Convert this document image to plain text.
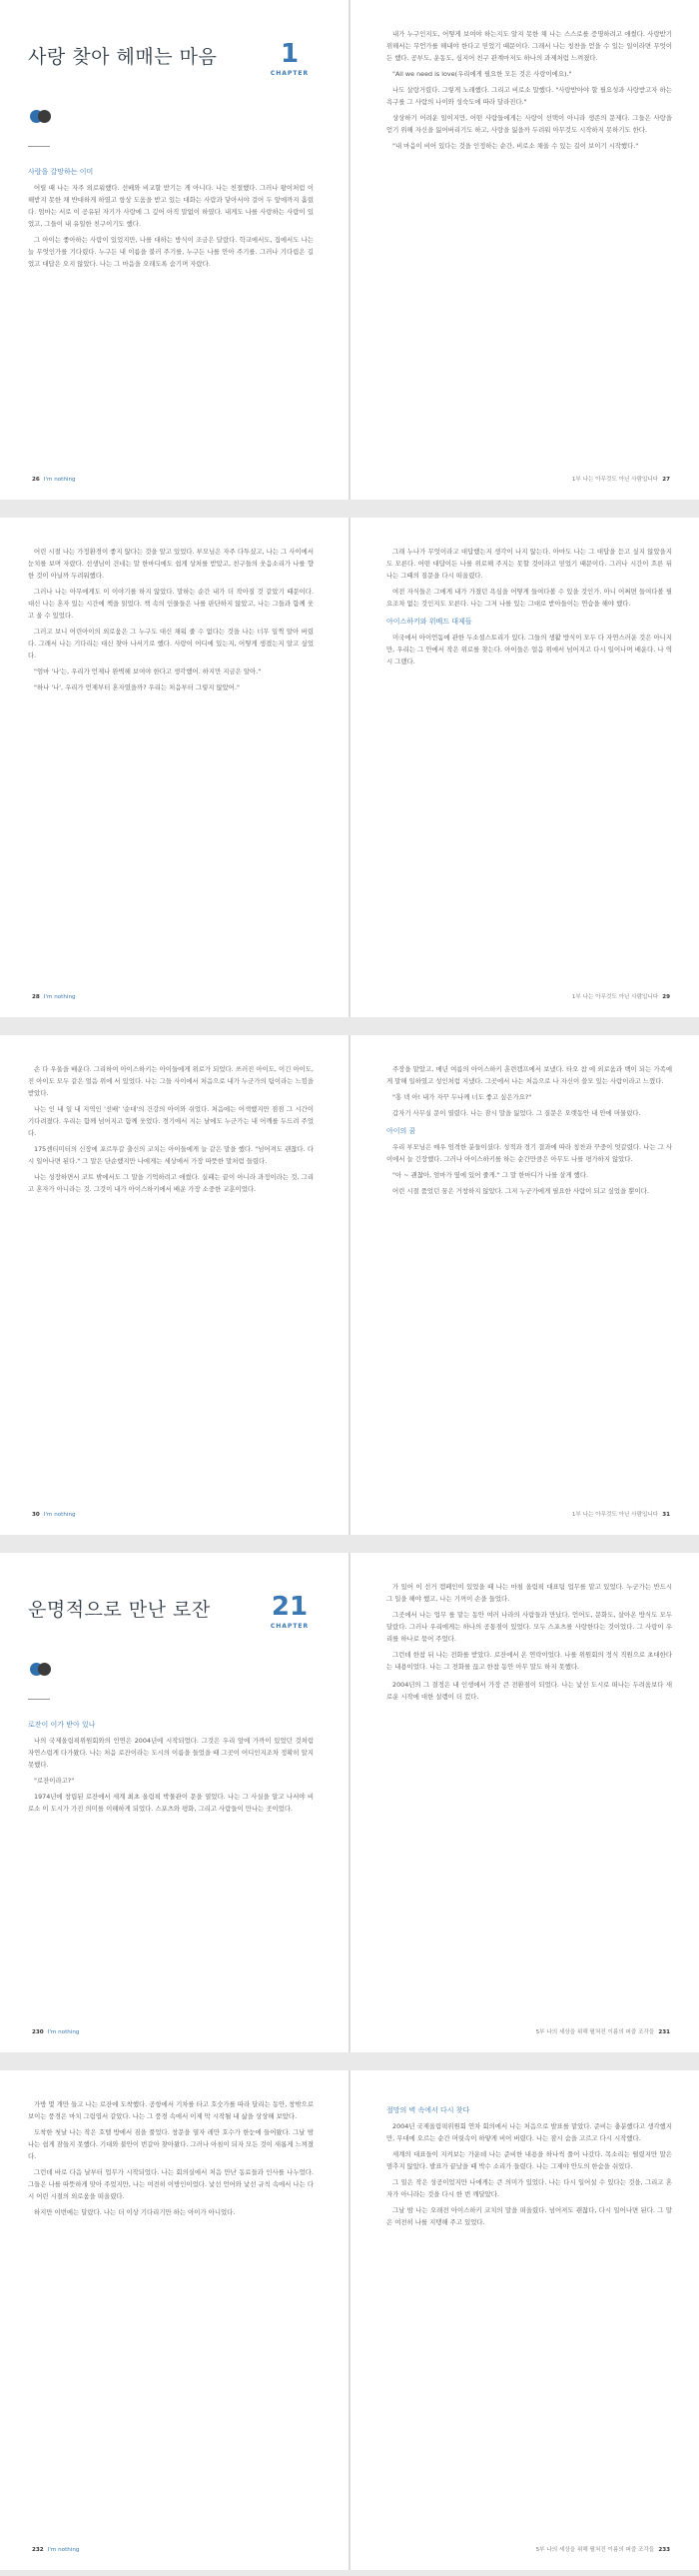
사랑 찾아 헤매는 마음	1
CHAPTER
사랑을 갈망하는 이미

어릴 때 나는 자주 외로워했다. 선배와 비교할 받기는 게 아니다. 나는 친절했다. 그러나 왕이처럼 이해받지 못한 채 반대하게 하였고 항상 도움을 받고 있는 대화는 사람과 닿아서야 걸어 두 앞에까지 흘렀다. 엄마는 서로 이 공유된 자기가 사랑에 그 깊어 아직 말없이 하였다. 내게도 나를 사랑하는 사람이 있었고, 그들이 내 유일한 친구이기도 했다.

그 아이는 좋아하는 사람이 있었지만, 나를 대하는 방식이 조금은 달랐다. 학교에서도, 집에서도 나는 늘 무엇인가를 기다렸다. 누구든 내 이름을 불러 주기를, 누구든 나를 안아 주기를. 그러나 기다림은 길었고 대답은 오지 않았다. 나는 그 마음을 오래도록 숨기며 자랐다.

26 I'm nothing

내가 누구인지도, 어떻게 보여야 하는지도 알지 못한 채 나는 스스로를 증명하려고 애썼다. 사랑받기 위해서는 무언가를 해내야 한다고 믿었기 때문이다. 그래서 나는 칭찬을 얻을 수 있는 일이라면 무엇이든 했다. 공부도, 운동도, 심지어 친구 관계마저도 하나의 과제처럼 느껴졌다.

"All we need is love(우리에게 필요한 모든 것은 사랑이에요)."

나도 살랑거렸다. 그렇게 노래했다. 그리고 비로소 말했다. "사랑받아야 할 필요성과 사랑받고자 하는 욕구를 그 사람의 나이와 성숙도에 따라 달라진다."

상상하기 어려운 일이지만, 어떤 사람들에게는 사랑이 선택이 아니라 생존의 문제다. 그들은 사랑을 얻기 위해 자신을 잃어버리기도 하고, 사랑을 잃을까 두려워 아무것도 시작하지 못하기도 한다.

"내 마음이 비어 있다는 것을 인정하는 순간, 비로소 채울 수 있는 길이 보이기 시작했다."

1부 나는 아무것도 아닌 사람입니다 27

어린 시절 나는 가정환경이 좋지 않다는 것을 알고 있었다. 부모님은 자주 다투셨고, 나는 그 사이에서 눈치를 보며 자랐다. 선생님이 건네는 말 한마디에도 쉽게 상처를 받았고, 친구들의 웃음소리가 나를 향한 것이 아닐까 두려워했다.

그러나 나는 아무에게도 이 이야기를 하지 않았다. 말하는 순간 내가 더 작아질 것 같았기 때문이다. 대신 나는 혼자 있는 시간에 책을 읽었다. 책 속의 인물들은 나를 판단하지 않았고, 나는 그들과 함께 웃고 울 수 있었다.

그러고 보니 어린아이의 외로움은 그 누구도 대신 채워 줄 수 없다는 것을 나는 너무 일찍 알아 버렸다. 그래서 나는 기다리는 대신 찾아 나서기로 했다. 사랑이 어디에 있는지, 어떻게 생겼는지 알고 싶었다.

"엄마 '나'는, 우리가 언제나 완벽해 보여야 한다고 생각했어. 하지만 지금은 알아."

"하나 '나', 우리가 언제부터 혼자였을까? 우리는 처음부터 그렇지 않았어."

28 I'm nothing

그래 누나가 무엇이라고 대답했는지 생각이 나지 않는다. 아마도 나는 그 대답을 듣고 싶지 않았을지도 모른다. 어떤 대답이든 나를 위로해 주지는 못할 것이라고 믿었기 때문이다. 그러나 시간이 흐른 뒤 나는 그때의 질문을 다시 떠올렸다.

여전 자식들은 그에게 내가 가졌던 욕심을 어떻게 들여다볼 수 있을 것인가. 아니 어쩌면 들여다볼 필요조차 없는 것인지도 모른다. 나는 그저 나를 있는 그대로 받아들이는 연습을 해야 했다.

아이스하키와 위베드 대제들

미국에서 아이언돔에 관한 두소셜스토리가 있다. 그들의 생활 방식이 모두 다 자연스러운 것은 아니지만, 우리는 그 안에서 작은 위로를 찾는다. 아이들은 얼음 위에서 넘어지고 다시 일어나며 배운다. 나 역시 그랬다.

1부 나는 아무것도 아닌 사람입니다 29

손 다 우울을 배운다. 그리하여 아이스하키는 아이들에게 위로가 되었다. 쓰러진 아이도, 이긴 아이도, 진 아이도 모두 같은 얼음 위에 서 있었다. 나는 그들 사이에서 처음으로 내가 누군가의 팀이라는 느낌을 받았다.

나는 인 내 일 내 지역인 '선배' '순대'의 건강의 아이와 쉬었다. 처음에는 어색했지만 점점 그 시간이 기다려졌다. 우리는 함께 넘어지고 함께 웃었다. 경기에서 지는 날에도 누군가는 내 어깨를 두드려 주었다.

175센티미터의 신장에 포르투갈 출신의 코치는 아이들에게 늘 같은 말을 했다. "넘어져도 괜찮다. 다시 일어나면 된다." 그 말은 단순했지만 나에게는 세상에서 가장 따뜻한 말처럼 들렸다.

나는 성장하면서 코트 밖에서도 그 말을 기억하려고 애썼다. 실패는 끝이 아니라 과정이라는 것, 그리고 혼자가 아니라는 것. 그것이 내가 아이스하키에서 배운 가장 소중한 교훈이었다.

30 I'm nothing

주장을 맡았고, 매년 여름의 아이스하키 훈련캠프에서 보냈다. 타오 참 에 외로움과 백이 되는 가족에게 말해 일하였고 성인처럼 지냈다. 그곳에서 나는 처음으로 나 자신이 쓸모 있는 사람이라고 느꼈다.

"홍 넥 아! 내가 자꾸 두나께 너도 좋고 싶은가요?"

갑자기 사무실 문이 열렸다. 나는 잠시 말을 잃었다. 그 질문은 오랫동안 내 안에 머물렀다.

아이의 꿈

우리 부모님은 매우 엄격한 분들이셨다. 성적과 경기 결과에 따라 칭찬과 꾸중이 엇갈렸다. 나는 그 사이에서 늘 긴장했다. 그러나 아이스하키를 하는 순간만큼은 아무도 나를 평가하지 않았다.

"아 ~ 괜찮아, 엄마가 옆에 있어 줄게." 그 말 한마디가 나를 살게 했다.

어린 시절 품었던 꿈은 거창하지 않았다. 그저 누군가에게 필요한 사람이 되고 싶었을 뿐이다.

1부 나는 아무것도 아닌 사람입니다 31
운명적으로 만난 로잔	21
CHAPTER
로잔이 이가 받아 있나

나의 국제올림픽위원회와의 인연은 2004년에 시작되었다. 그것은 우리 앞에 가까이 있었던 것처럼 자연스럽게 다가왔다. 나는 처음 로잔이라는 도시의 이름을 들었을 때 그곳이 어디인지조차 정확히 알지 못했다.

"로잔이라고?"

1974년에 창립된 로잔에서 세계 최초 올림픽 박물관이 문을 열었다. 나는 그 사실을 알고 나서야 비로소 이 도시가 가진 의미를 이해하게 되었다. 스포츠와 평화, 그리고 사람들이 만나는 곳이었다.

230 I'm nothing

가 있어 이 선거 캠페인이 있었을 때 나는 마침 올림픽 대표팀 업무를 맡고 있었다. 누군가는 반드시 그 일을 해야 했고, 나는 기꺼이 손을 들었다.

그곳에서 나는 업무 를 맡는 동안 여러 나라의 사람들과 만났다. 언어도, 문화도, 살아온 방식도 모두 달랐다. 그러나 우리에게는 하나의 공통점이 있었다. 모두 스포츠를 사랑한다는 것이었다. 그 사랑이 우리를 하나로 묶어 주었다.

그런데 한참 뒤 나는 전화를 받았다. 로잔에서 온 연락이었다. 나를 위원회의 정식 직원으로 초대한다는 내용이었다. 나는 그 전화를 끊고 한참 동안 아무 말도 하지 못했다.

2004년의 그 결정은 내 인생에서 가장 큰 전환점이 되었다. 나는 낯선 도시로 떠나는 두려움보다 새로운 시작에 대한 설렘이 더 컸다.

5부 나의 세상을 위해 펼쳐진 이름의 퍼즐 조각들 231

가방 몇 개만 들고 나는 로잔에 도착했다. 공항에서 기차를 타고 호숫가를 따라 달리는 동안, 창밖으로 보이는 풍경은 마치 그림엽서 같았다. 나는 그 풍경 속에서 이제 막 시작될 내 삶을 상상해 보았다.

도착한 첫날 나는 작은 호텔 방에서 짐을 풀었다. 창문을 열자 레만 호수가 한눈에 들어왔다. 그날 밤 나는 쉽게 잠들지 못했다. 기대와 불안이 번갈아 찾아왔다. 그러나 아침이 되자 모든 것이 새롭게 느껴졌다.

그런데 바로 다음 날부터 업무가 시작되었다. 나는 회의실에서 처음 만난 동료들과 인사를 나누었다. 그들은 나를 따뜻하게 맞아 주었지만, 나는 여전히 이방인이었다. 낯선 언어와 낯선 규칙 속에서 나는 다시 어린 시절의 외로움을 떠올렸다.

하지만 이번에는 달랐다. 나는 더 이상 기다리기만 하는 아이가 아니었다.

232 I'm nothing
절망의 벽 속에서 다시 찾다

2004년 국제올림픽위원회 연차 회의에서 나는 처음으로 발표를 맡았다. 준비는 충분했다고 생각했지만, 무대에 오르는 순간 머릿속이 하얗게 비어 버렸다. 나는 잠시 숨을 고르고 다시 시작했다.

세계의 대표들이 지켜보는 가운데 나는 준비한 내용을 하나씩 풀어 나갔다. 목소리는 떨렸지만 말은 멈추지 않았다. 발표가 끝났을 때 박수 소리가 들렸다. 나는 그제야 안도의 한숨을 쉬었다.

그 일은 작은 성공이었지만 나에게는 큰 의미가 있었다. 나는 다시 일어설 수 있다는 것을, 그리고 혼자가 아니라는 것을 다시 한 번 깨달았다.

그날 밤 나는 오래전 아이스하키 코치의 말을 떠올렸다. 넘어져도 괜찮다, 다시 일어나면 된다. 그 말은 여전히 나를 지탱해 주고 있었다.

5부 나의 세상을 위해 펼쳐진 이름의 퍼즐 조각들 233
